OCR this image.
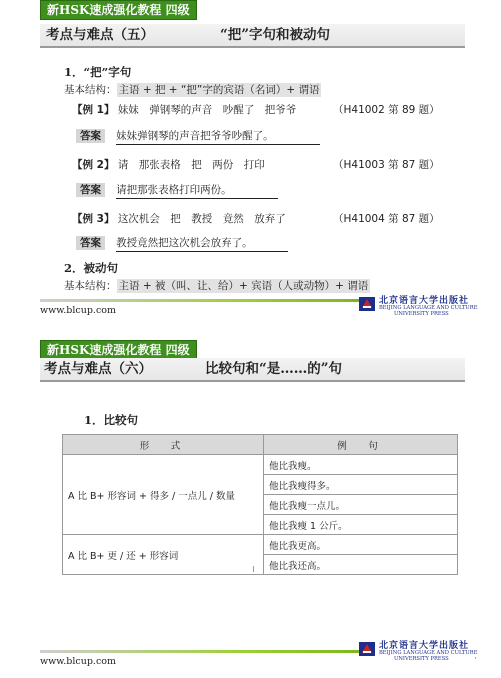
新HSK速成强化教程 四级
考点与难点（五）	“把”字句和被动句
1．“把”字句
基本结构： 主语 + 把 + “把”字的宾语（名词）+ 谓语
【例 1】 妹妹　弹钢琴的声音　吵醒了　把爷爷	（H41002 第 89 题）
答案 妹妹弹钢琴的声音把爷爷吵醒了。
【例 2】 请　那张表格　把　两份　打印	（H41003 第 87 题）
答案 请把那张表格打印两份。
【例 3】 这次机会　把　教授　竟然　放弃了	（H41004 第 87 题）
答案 教授竟然把这次机会放弃了。
2．被动句
基本结构： 主语 + 被（叫、让、给）+ 宾语（人或动物）+ 谓语
www.blcup.com
北京语言大学出版社
BEIJING LANGUAGE AND CULTURE
UNIVERSITY PRESS
新HSK速成强化教程 四级
考点与难点（六）	比较句和“是……的”句
1．比较句
形　式	例　句
A 比 B+ 形容词 + 得多 / 一点儿 / 数量	他比我瘦。
	他比我瘦得多。
	他比我瘦一点儿。
	他比我瘦 1 公斤。
A 比 B+ 更 / 还 + 形容词	他比我更高。
	他比我还高。
www.blcup.com
北京语言大学出版社
BEIJING LANGUAGE AND CULTURE
UNIVERSITY PRESS	·
